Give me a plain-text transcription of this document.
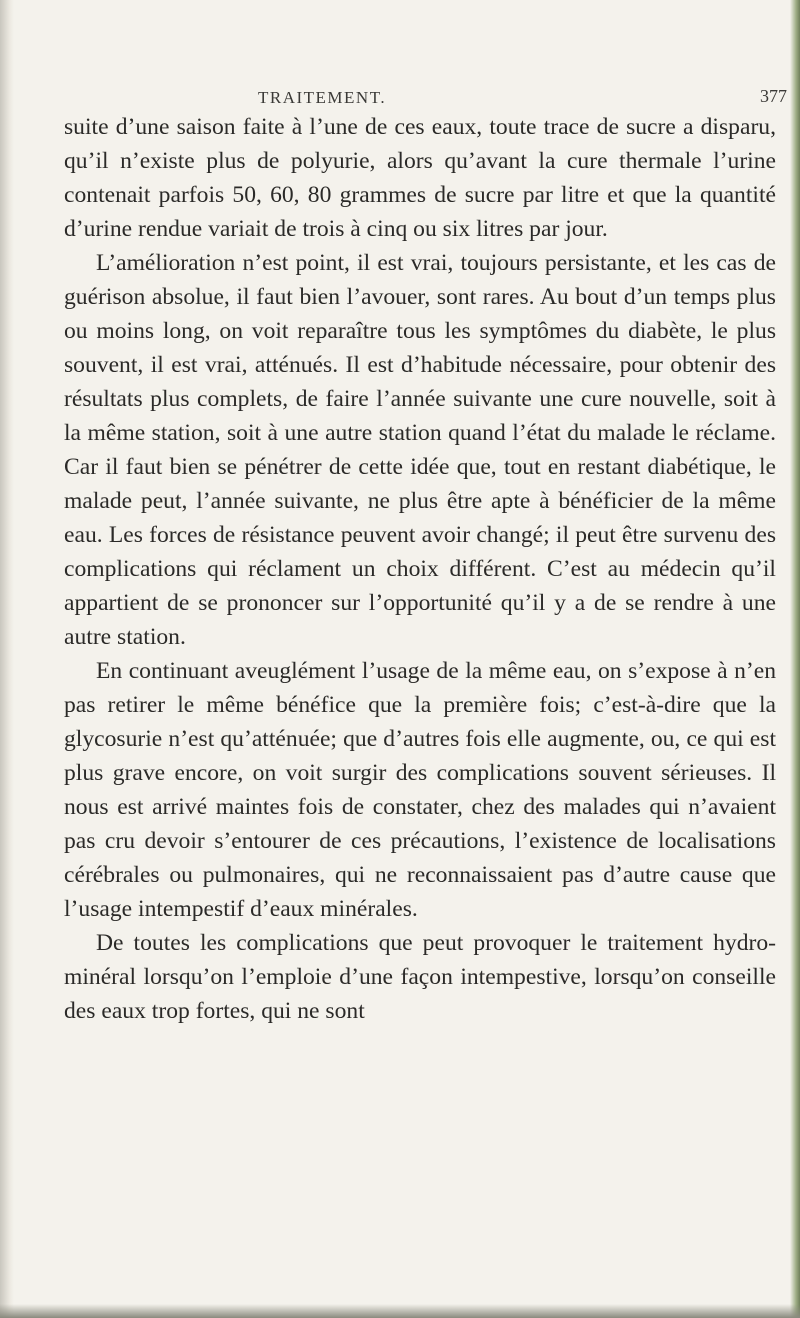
TRAITEMENT.	377

suite d’une saison faite à l’une de ces eaux, toute trace de sucre a disparu, qu’il n’existe plus de polyurie, alors qu’avant la cure thermale l’urine contenait parfois 50, 60, 80 grammes de sucre par litre et que la quantité d’urine rendue variait de trois à cinq ou six litres par jour.

L’amélioration n’est point, il est vrai, toujours persistante, et les cas de guérison absolue, il faut bien l’avouer, sont rares. Au bout d’un temps plus ou moins long, on voit reparaître tous les symptômes du diabète, le plus souvent, il est vrai, atténués. Il est d’habitude nécessaire, pour obtenir des résultats plus complets, de faire l’année suivante une cure nouvelle, soit à la même station, soit à une autre station quand l’état du malade le réclame. Car il faut bien se pénétrer de cette idée que, tout en restant diabétique, le malade peut, l’année suivante, ne plus être apte à bénéficier de la même eau. Les forces de résistance peuvent avoir changé; il peut être survenu des complications qui réclament un choix différent. C’est au médecin qu’il appartient de se prononcer sur l’opportunité qu’il y a de se rendre à une autre station.

En continuant aveuglément l’usage de la même eau, on s’expose à n’en pas retirer le même bénéfice que la première fois; c’est-à-dire que la glycosurie n’est qu’atténuée; que d’autres fois elle augmente, ou, ce qui est plus grave encore, on voit surgir des complications souvent sérieuses. Il nous est arrivé maintes fois de constater, chez des malades qui n’avaient pas cru devoir s’entourer de ces précautions, l’existence de localisations cérébrales ou pulmonaires, qui ne reconnaissaient pas d’autre cause que l’usage intempestif d’eaux minérales.

De toutes les complications que peut provoquer le traitement hydro-minéral lorsqu’on l’emploie d’une façon intempestive, lorsqu’on conseille des eaux trop fortes, qui ne sont
